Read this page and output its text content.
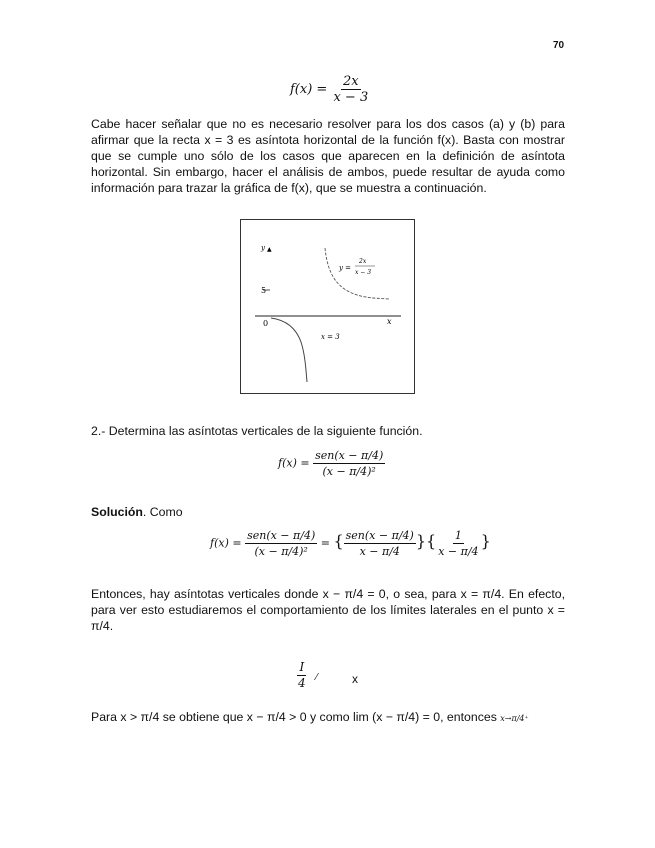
70
$f(x) = \frac{2x}{x - 3}$
Cabe hacer señalar que no es necesario resolver para los dos casos (a) y (b) para afirmar que la recta x = 3 es asíntota horizontal de la función f(x). Basta con mostrar que se cumple uno sólo de los casos que aparecen en la definición de asíntota horizontal. Sin embargo, hacer el análisis de ambos, puede resultar de ayuda como información para trazar la gráfica de f(x), que se muestra a continuación.
y ▲
5
0	x
y =
2x
x − 3
x = 3
2.- Determina las asíntotas verticales de la siguiente función.
$f(x) = \frac{\text{sen(x − π/4)}}{\text{(x − π/4)²}}$
Solución. Como
$f(x) = \frac{\text{sen(x − π/4)}}{\text{(x − π/4)²}}$ = { $\frac{\text{sen(x − π/4)}}{x - \pi/4}$ }{ $\frac{1}{x - \pi/4}$ }
Entonces, hay asíntotas verticales donde x − π/4 = 0, o sea, para x = π/4. En efecto, para ver esto estudiaremos el comportamiento de los límites laterales en el punto x = π/4.
$\frac{I}{4}$ ⁄	x
Para x > π/4 se obtiene que x − π/4 > 0 y como lim (x − π/4) = 0, entonces x→π/4⁺
